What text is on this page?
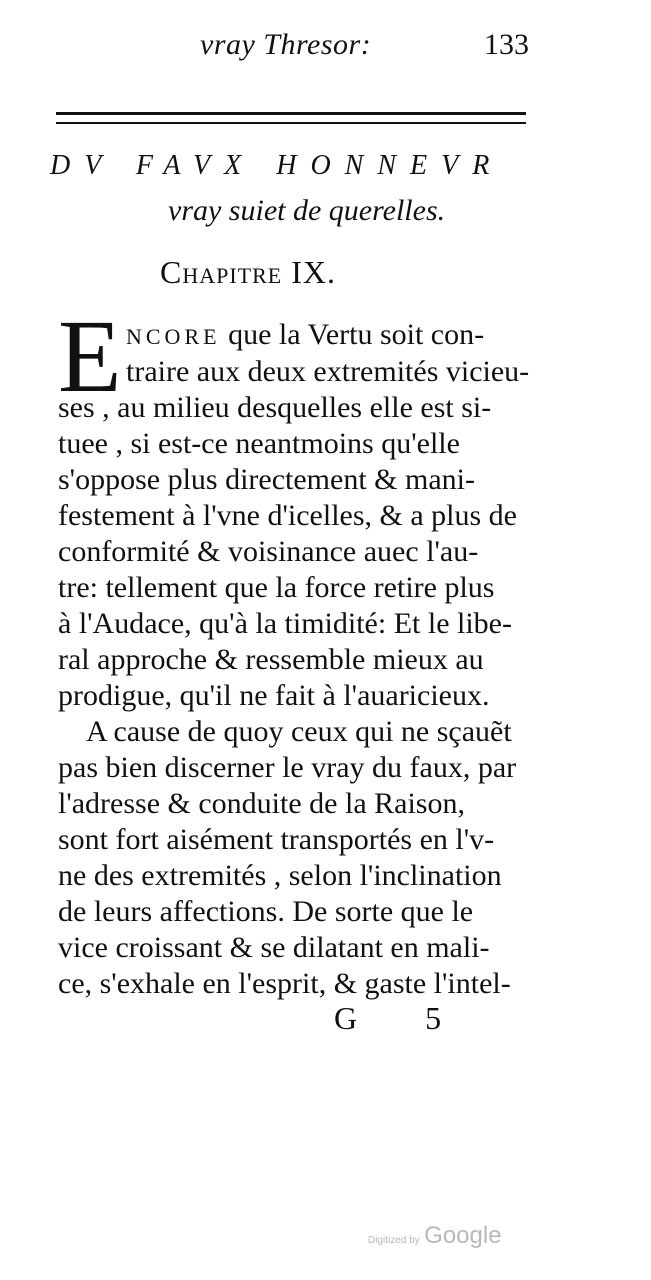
vray Thresor:	133
DV FAVX HONNEVR
vray suiet de querelles.
Chapitre IX.
E NCORE que la Vertu soit con-
traire aux deux extremités vicieu-
ses , au milieu desquelles elle est si-
tuee , si est-ce neantmoins qu'elle
s'oppose plus directement & mani-
festement à l'vne d'icelles, & a plus de
conformité & voisinance auec l'au-
tre: tellement que la force retire plus
à l'Audace, qu'à la timidité: Et le libe-
ral approche & ressemble mieux au
prodigue, qu'il ne fait à l'auaricieux.
A cause de quoy ceux qui ne sçauẽt
pas bien discerner le vray du faux, par
l'adresse & conduite de la Raison,
sont fort aisément transportés en l'v-
ne des extremités , selon l'inclination
de leurs affections. De sorte que le
vice croissant & se dilatant en mali-
ce, s'exhale en l'esprit, & gaste l'intel-
G 5
Digitized by Google
